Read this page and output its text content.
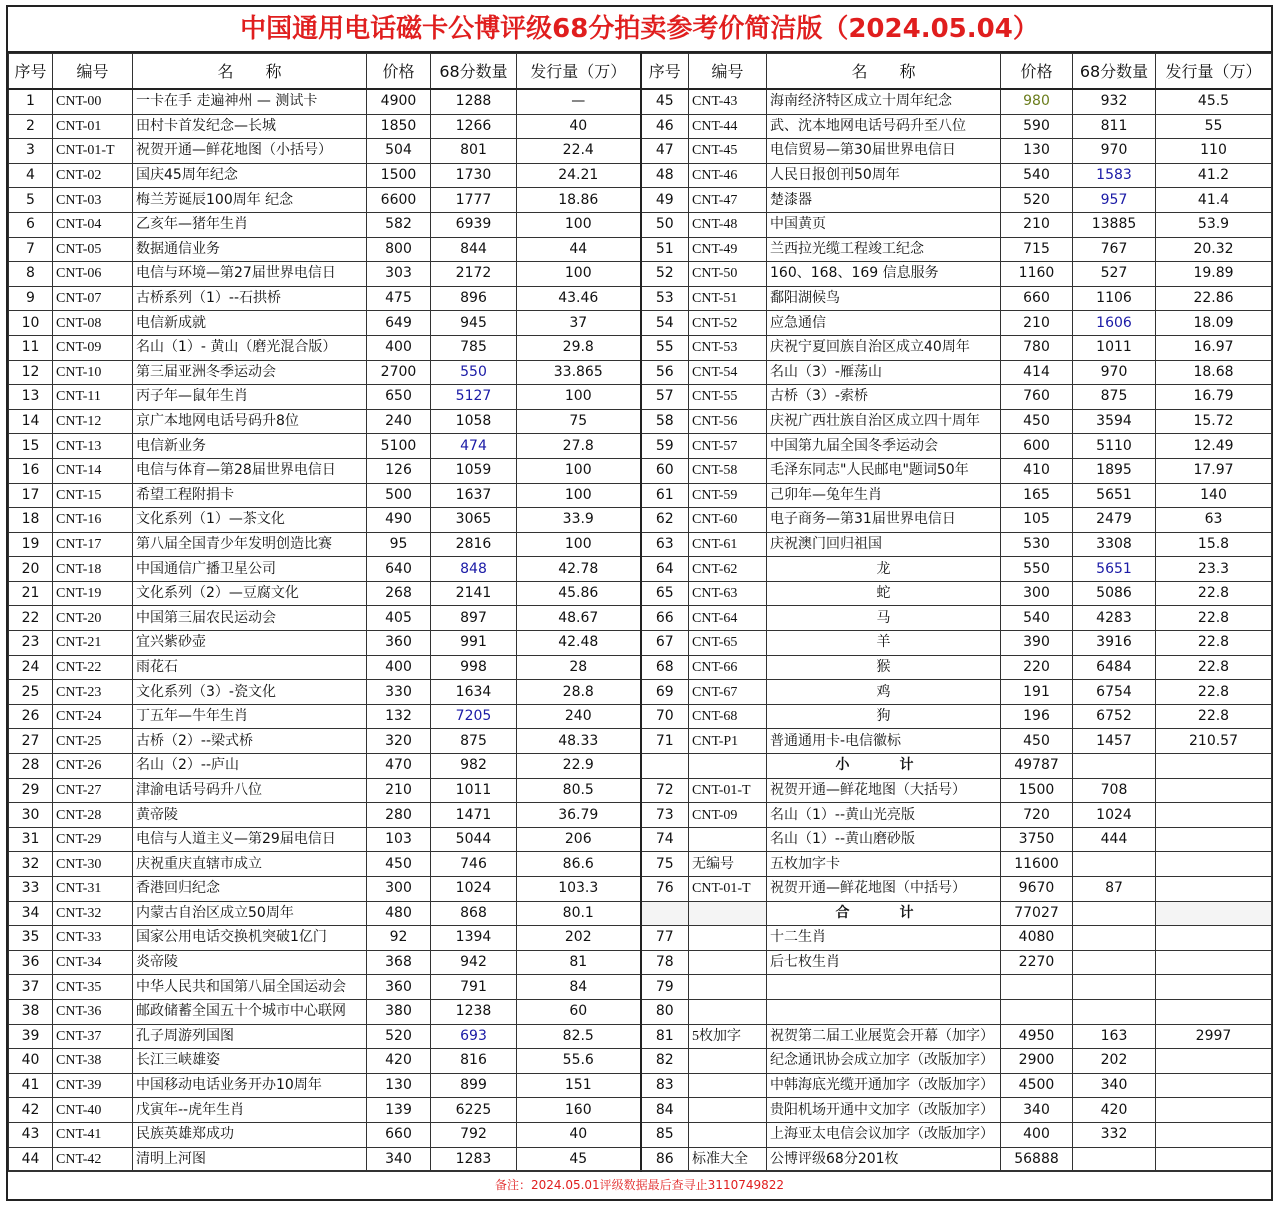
中国通用电话磁卡公博评级68分拍卖参考价简洁版（2024.05.04）
序号	编号	名　　称	价格	68分数量	发行量（万）	序号	编号	名　　称	价格	68分数量	发行量（万）
1	CNT-00	一卡在手 走遍神州 — 测试卡	4900	1288	—	45	CNT-43	海南经济特区成立十周年纪念	980	932	45.5
2	CNT-01	田村卡首发纪念—长城	1850	1266	40	46	CNT-44	武、沈本地网电话号码升至八位	590	811	55
3	CNT-01-T	祝贺开通—鲜花地图（小括号）	504	801	22.4	47	CNT-45	电信贸易—第30届世界电信日	130	970	110
4	CNT-02	国庆45周年纪念	1500	1730	24.21	48	CNT-46	人民日报创刊50周年	540	1583	41.2
5	CNT-03	梅兰芳诞辰100周年 纪念	6600	1777	18.86	49	CNT-47	楚漆器	520	957	41.4
6	CNT-04	乙亥年—猪年生肖	582	6939	100	50	CNT-48	中国黄页	210	13885	53.9
7	CNT-05	数据通信业务	800	844	44	51	CNT-49	兰西拉光缆工程竣工纪念	715	767	20.32
8	CNT-06	电信与环境—第27届世界电信日	303	2172	100	52	CNT-50	160、168、169 信息服务	1160	527	19.89
9	CNT-07	古桥系列（1）--石拱桥	475	896	43.46	53	CNT-51	鄱阳湖候鸟	660	1106	22.86
10	CNT-08	电信新成就	649	945	37	54	CNT-52	应急通信	210	1606	18.09
11	CNT-09	名山（1）- 黄山（磨光混合版）	400	785	29.8	55	CNT-53	庆祝宁夏回族自治区成立40周年	780	1011	16.97
12	CNT-10	第三届亚洲冬季运动会	2700	550	33.865	56	CNT-54	名山（3）-雁荡山	414	970	18.68
13	CNT-11	丙子年—鼠年生肖	650	5127	100	57	CNT-55	古桥（3）-索桥	760	875	16.79
14	CNT-12	京广本地网电话号码升8位	240	1058	75	58	CNT-56	庆祝广西壮族自治区成立四十周年	450	3594	15.72
15	CNT-13	电信新业务	5100	474	27.8	59	CNT-57	中国第九届全国冬季运动会	600	5110	12.49
16	CNT-14	电信与体育—第28届世界电信日	126	1059	100	60	CNT-58	毛泽东同志"人民邮电"题词50年	410	1895	17.97
17	CNT-15	希望工程附捐卡	500	1637	100	61	CNT-59	己卯年—兔年生肖	165	5651	140
18	CNT-16	文化系列（1）—茶文化	490	3065	33.9	62	CNT-60	电子商务—第31届世界电信日	105	2479	63
19	CNT-17	第八届全国青少年发明创造比赛	95	2816	100	63	CNT-61	庆祝澳门回归祖国	530	3308	15.8
20	CNT-18	中国通信广播卫星公司	640	848	42.78	64	CNT-62	龙	550	5651	23.3
21	CNT-19	文化系列（2）—豆腐文化	268	2141	45.86	65	CNT-63	蛇	300	5086	22.8
22	CNT-20	中国第三届农民运动会	405	897	48.67	66	CNT-64	马	540	4283	22.8
23	CNT-21	宜兴紫砂壶	360	991	42.48	67	CNT-65	羊	390	3916	22.8
24	CNT-22	雨花石	400	998	28	68	CNT-66	猴	220	6484	22.8
25	CNT-23	文化系列（3）-瓷文化	330	1634	28.8	69	CNT-67	鸡	191	6754	22.8
26	CNT-24	丁五年—牛年生肖	132	7205	240	70	CNT-68	狗	196	6752	22.8
27	CNT-25	古桥（2）--梁式桥	320	875	48.33	71	CNT-P1	普通通用卡-电信徽标	450	1457	210.57
28	CNT-26	名山（2）--庐山	470	982	22.9			小　计	49787		
29	CNT-27	津渝电话号码升八位	210	1011	80.5	72	CNT-01-T	祝贺开通—鲜花地图（大括号）	1500	708	
30	CNT-28	黄帝陵	280	1471	36.79	73	CNT-09	名山（1）--黄山光亮版	720	1024	
31	CNT-29	电信与人道主义—第29届电信日	103	5044	206	74		名山（1）--黄山磨砂版	3750	444	
32	CNT-30	庆祝重庆直辖市成立	450	746	86.6	75	无编号	五枚加字卡	11600		
33	CNT-31	香港回归纪念	300	1024	103.3	76	CNT-01-T	祝贺开通—鲜花地图（中括号）	9670	87	
34	CNT-32	内蒙古自治区成立50周年	480	868	80.1			合　计	77027		
35	CNT-33	国家公用电话交换机突破1亿门	92	1394	202	77		十二生肖	4080		
36	CNT-34	炎帝陵	368	942	81	78		后七枚生肖	2270		
37	CNT-35	中华人民共和国第八届全国运动会	360	791	84	79					
38	CNT-36	邮政储蓄全国五十个城市中心联网	380	1238	60	80					
39	CNT-37	孔子周游列国图	520	693	82.5	81	5枚加字	祝贺第二届工业展览会开幕（加字）	4950	163	2997
40	CNT-38	长江三峡雄姿	420	816	55.6	82		纪念通讯协会成立加字（改版加字）	2900	202	
41	CNT-39	中国移动电话业务开办10周年	130	899	151	83		中韩海底光缆开通加字（改版加字）	4500	340	
42	CNT-40	戊寅年--虎年生肖	139	6225	160	84		贵阳机场开通中文加字（改版加字）	340	420	
43	CNT-41	民族英雄郑成功	660	792	40	85		上海亚太电信会议加字（改版加字）	400	332	
44	CNT-42	清明上河图	340	1283	45	86	标准大全	公博评级68分201枚	56888		
备注：2024.05.01评级数据最后查寻止3110749822
